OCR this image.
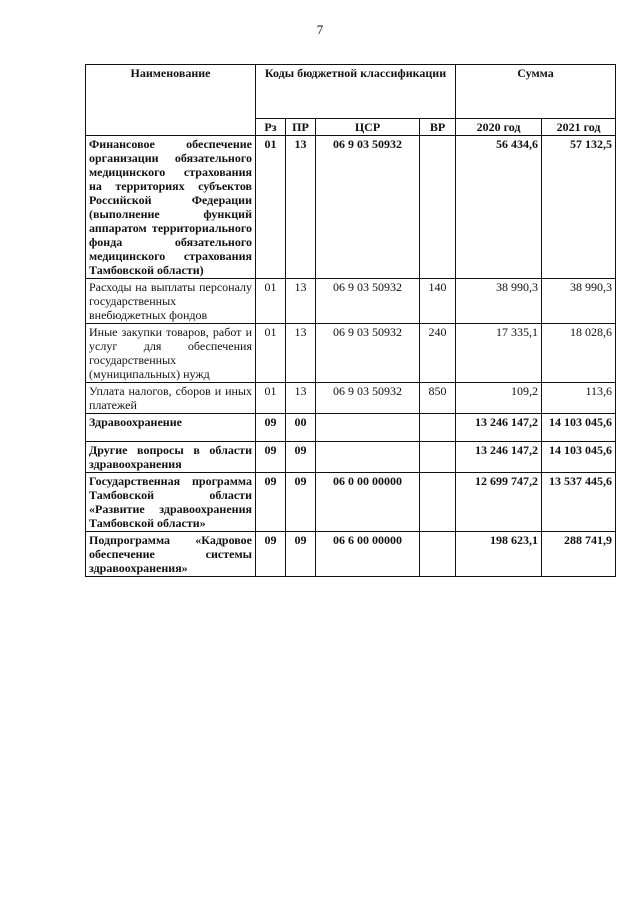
7
Наименование	Коды бюджетной классификации				Сумма	
	Рз	ПР	ЦСР	ВР	2020 год	2021 год
Финансовое обеспечение организации обязательного медицинского страхования на территориях субъектов Российской Федерации (выполнение функций аппаратом территориального фонда обязательного медицинского страхования Тамбовской области)	01	13	06 9 03 50932		56 434,6	57 132,5
Расходы на выплаты персоналу государственных внебюджетных фондов	01	13	06 9 03 50932	140	38 990,3	38 990,3
Иные закупки товаров, работ и услуг для обеспечения государственных (муниципальных) нужд	01	13	06 9 03 50932	240	17 335,1	18 028,6
Уплата налогов, сборов и иных платежей	01	13	06 9 03 50932	850	109,2	113,6
Здравоохранение	09	00			13 246 147,2	14 103 045,6
Другие вопросы в области здравоохранения	09	09			13 246 147,2	14 103 045,6
Государственная программа Тамбовской области «Развитие здравоохранения Тамбовской области»	09	09	06 0 00 00000		12 699 747,2	13 537 445,6
Подпрограмма «Кадровое обеспечение системы здравоохранения»	09	09	06 6 00 00000		198 623,1	288 741,9
